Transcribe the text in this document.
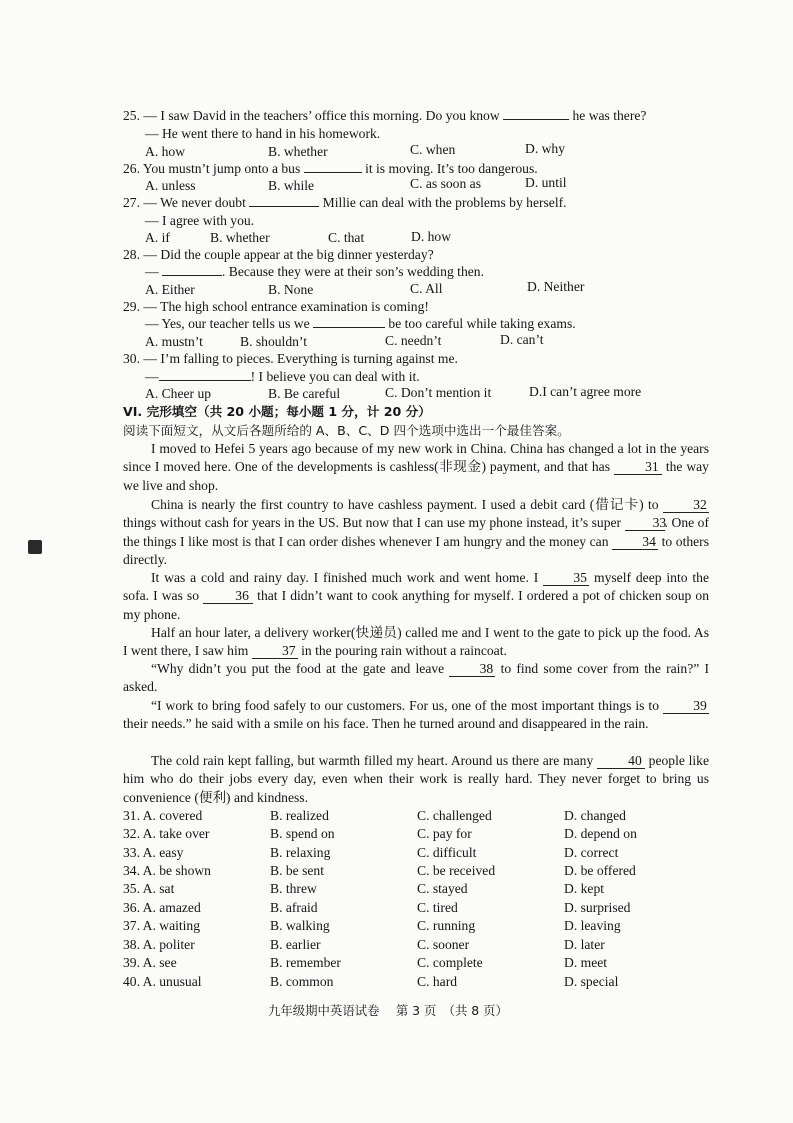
25. — I saw David in the teachers’ office this morning. Do you know	he was there?
— He went there to hand in his homework.
A. how	B. whether	C. when	D. why
26. You mustn’t jump onto a bus	it is moving. It’s too dangerous.
A. unless	B. while	C. as soon as	D. until
27. — We never doubt	Millie can deal with the problems by herself.
— I agree with you.
A. if	B. whether	C. that	D. how
28. — Did the couple appear at the big dinner yesterday?
—	. Because they were at their son’s wedding then.
A. Either	B. None	C. All	D. Neither
29. — The high school entrance examination is coming!
— Yes, our teacher tells us we	be too careful while taking exams.
A. mustn’t	B. shouldn’t	C. needn’t	D. can’t
30. — I’m falling to pieces. Everything is turning against me.
—	! I believe you can deal with it.
A. Cheer up	B. Be careful	C. Don’t mention it	D.I can’t agree more
VI. 完形填空（共 20 小题；每小题 1 分，计 20 分）
阅读下面短文，从文后各题所给的 A、B、C、D 四个选项中选出一个最佳答案。
I moved to Hefei 5 years ago because of my new work in China. China has changed a lot in the years since I moved here. One of the developments is cashless(非现金) payment, and that has 31 the way we live and shop.
China is nearly the first country to have cashless payment. I used a debit card (借记卡) to 32 things without cash for years in the US. But now that I can use my phone instead, it’s super 33. One of the things I like most is that I can order dishes whenever I am hungry and the money can 34 to others directly.
It was a cold and rainy day. I finished much work and went home. I 35 myself deep into the sofa. I was so 36 that I didn’t want to cook anything for myself. I ordered a pot of chicken soup on my phone.
Half an hour later, a delivery worker(快递员) called me and I went to the gate to pick up the food. As I went there, I saw him 37 in the pouring rain without a raincoat.
“Why didn’t you put the food at the gate and leave 38 to find some cover from the rain?” I asked.
“I work to bring food safely to our customers. For us, one of the most important things is to 39 their needs.” he said with a smile on his face. Then he turned around and disappeared in the rain.
The cold rain kept falling, but warmth filled my heart. Around us there are many 40 people like him who do their jobs every day, even when their work is really hard. They never forget to bring us convenience (便利) and kindness.
31. A. covered	B. realized	C. challenged	D. changed
32. A. take over	B. spend on	C. pay for	D. depend on
33. A. easy	B. relaxing	C. difficult	D. correct
34. A. be shown	B. be sent	C. be received	D. be offered
35. A. sat	B. threw	C. stayed	D. kept
36. A. amazed	B. afraid	C. tired	D. surprised
37. A. waiting	B. walking	C. running	D. leaving
38. A. politer	B. earlier	C. sooner	D. later
39. A. see	B. remember	C. complete	D. meet
40. A. unusual	B. common	C. hard	D. special
九年级期中英语试卷　 第 3 页　（共 8 页）
